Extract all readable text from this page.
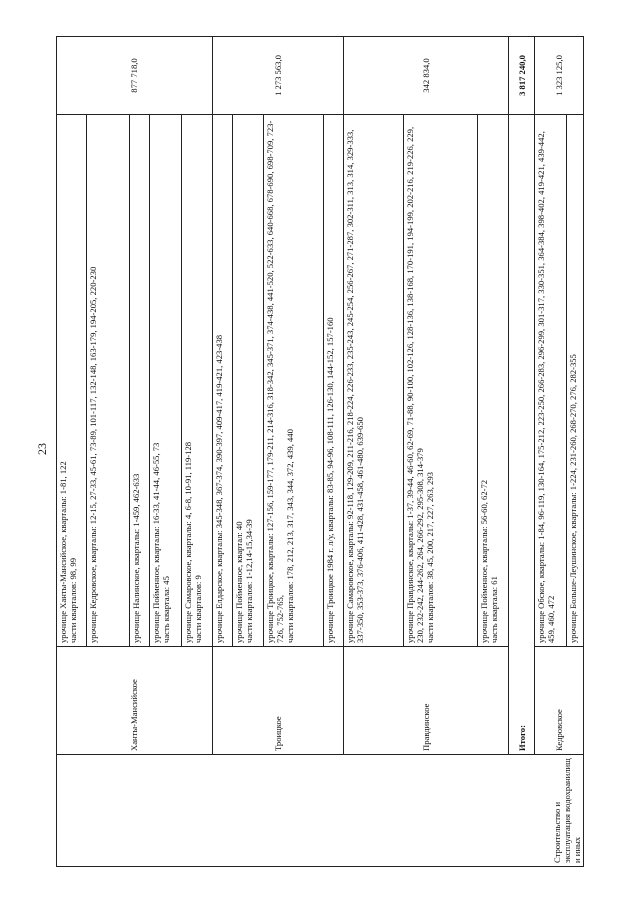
23
Строительство и эксплуатация водохранилищ и иных	Ханты-Мансийское	урочище Ханты-Мансийское, кварталы: 1-81, 122 части кварталов: 98, 99	877 718,0

		урочище Кедровское, кварталы: 12-15, 27-33, 45-61, 73-89, 101-117, 132-148, 163-179, 194-205, 220-230	

		урочище Налинское, кварталы: 1-459, 462-633	

		урочище Пойменное, кварталы: 16-33, 41-44, 46-55, 73 часть квартала: 45	

		урочище Самаровское, кварталы: 4, 6-8, 10-91, 119-128 части кварталов: 9	

	Троицкое	урочище Елдарское, кварталы: 345-348, 367-374, 390-397, 409-417, 419-421, 423-438	1 273 563,0

		урочище Пойменное, квартал: 40 части кварталов: 1-12,14-15,34-39	

		урочище Троицкое, кварталы: 127-156, 159-177, 179-211, 214-316, 318-342, 345-371, 374-438, 441-520, 522-633, 640-668, 678-690, 698-709, 723-726, 752-765, части кварталов: 178, 212, 213, 317, 343, 344, 372, 439, 440	

		урочище Троицкое 1984 г. л/у, кварталы: 83-85, 94-96, 108-111, 126-130, 144-152, 157-160	

	Правдинское	урочище Самаровское, кварталы: 92-118, 129-209, 211-216, 218-224, 226-233, 235-243, 245-254, 256-267, 271-287, 302-311, 313, 314, 329-333, 337-350, 353-373, 376-406, 411-428, 431-458, 461-480, 639-650	342 834,0

		урочище Правдинское, кварталы: 1-37, 39-44, 46-60, 62-69, 71-88, 90-100, 102-126, 128-136, 138-168, 170-191, 194-199, 202-216, 219-226, 229, 230, 232-242, 244-262, 264, 266-292, 295-308, 314-379 части кварталов: 38, 45, 200, 217, 227, 263, 293	

		урочище Пойменное, кварталы: 56-60, 62-72 часть квартала: 61	

	Итого:		3 817 240,0
	Кедровское	урочище Обское, кварталы: 1-84, 96-119, 130-164, 175-212, 223-250, 266-283, 296-299, 301-317, 330-351, 364-384, 398-402, 419-421, 439-442, 459, 460, 472	1 323 125,0

		урочище Больше-Леушинское, кварталы: 1-224, 231-260, 268-270, 276, 282-355	
